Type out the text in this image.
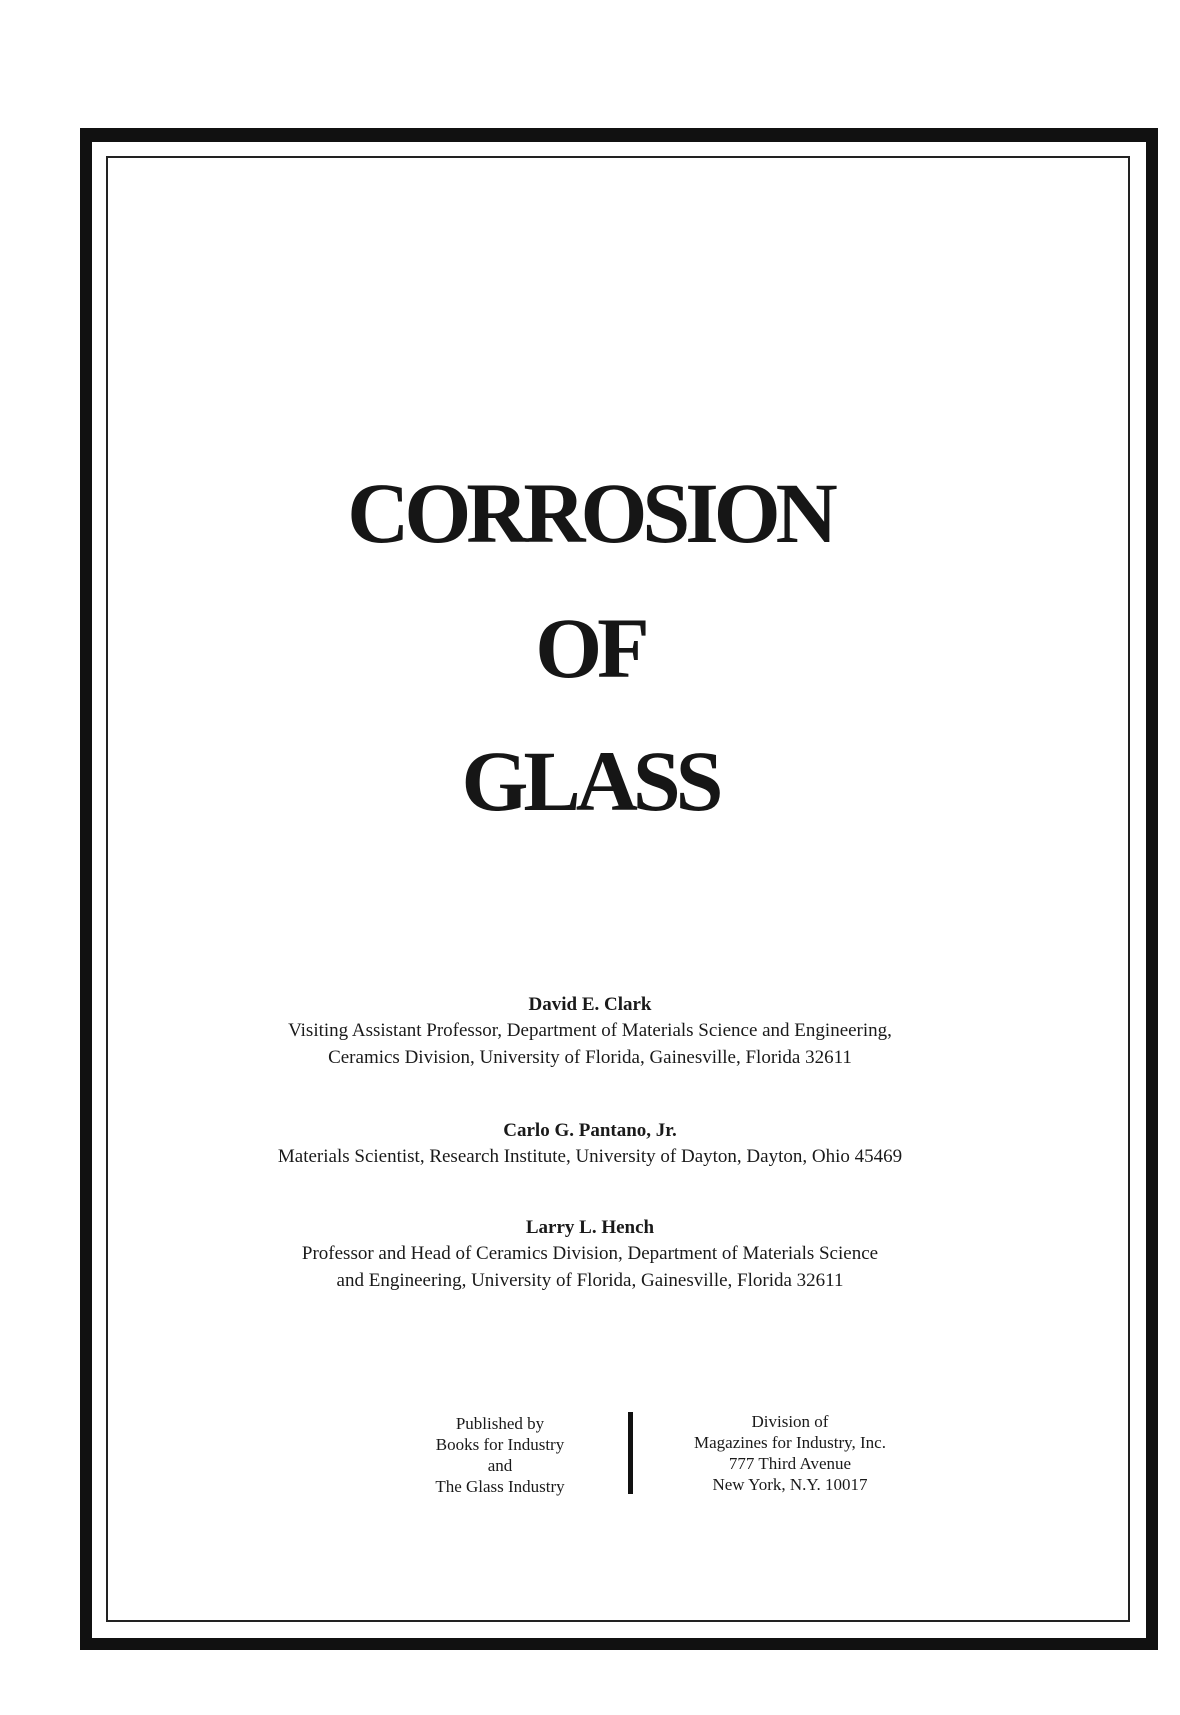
CORROSION
OF
GLASS

David E. Clark

Visiting Assistant Professor, Department of Materials Science and Engineering,

Ceramics Division, University of Florida, Gainesville, Florida 32611

Carlo G. Pantano, Jr.

Materials Scientist, Research Institute, University of Dayton, Dayton, Ohio 45469

Larry L. Hench

Professor and Head of Ceramics Division, Department of Materials Science

and Engineering, University of Florida, Gainesville, Florida 32611

Published by
Books for Industry
and
The Glass Industry
Division of
Magazines for Industry, Inc.
777 Third Avenue
New York, N.Y. 10017
